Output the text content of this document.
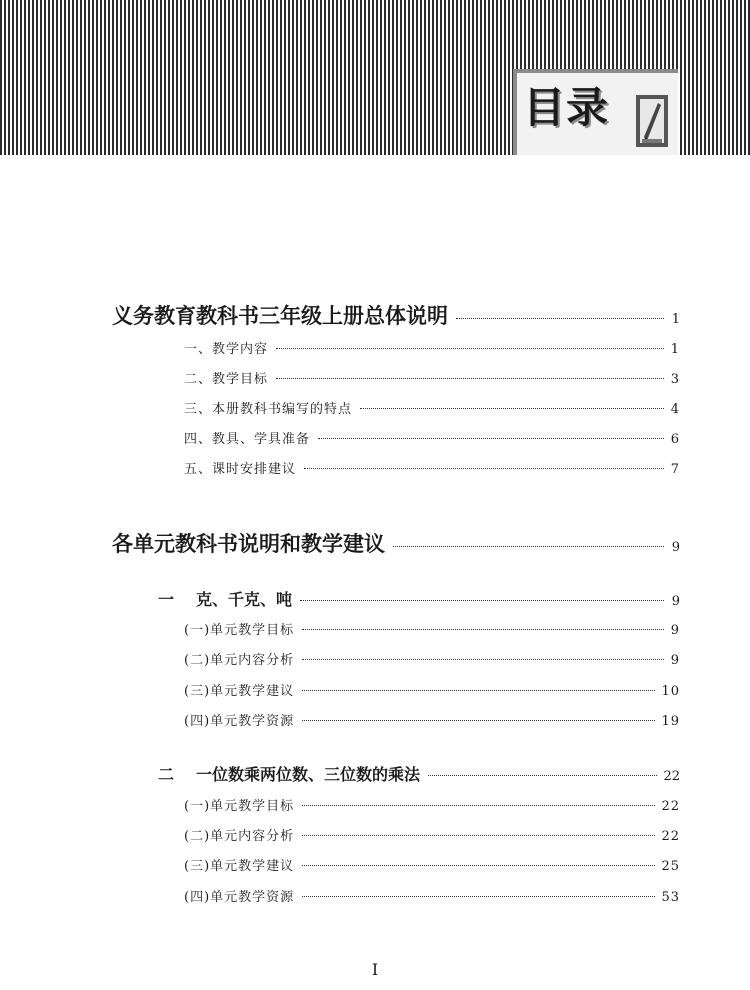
目录
义务教育教科书三年级上册总体说明	1
一、教学内容	1
二、教学目标	3
三、本册教科书编写的特点	4
四、教具、学具准备	6
五、课时安排建议	7
各单元教科书说明和教学建议	9
一 克、千克、吨	9
(一)单元教学目标	9
(二)单元内容分析	9
(三)单元教学建议	10
(四)单元教学资源	19
二 一位数乘两位数、三位数的乘法	22
(一)单元教学目标	22
(二)单元内容分析	22
(三)单元教学建议	25
(四)单元教学资源	53
I
